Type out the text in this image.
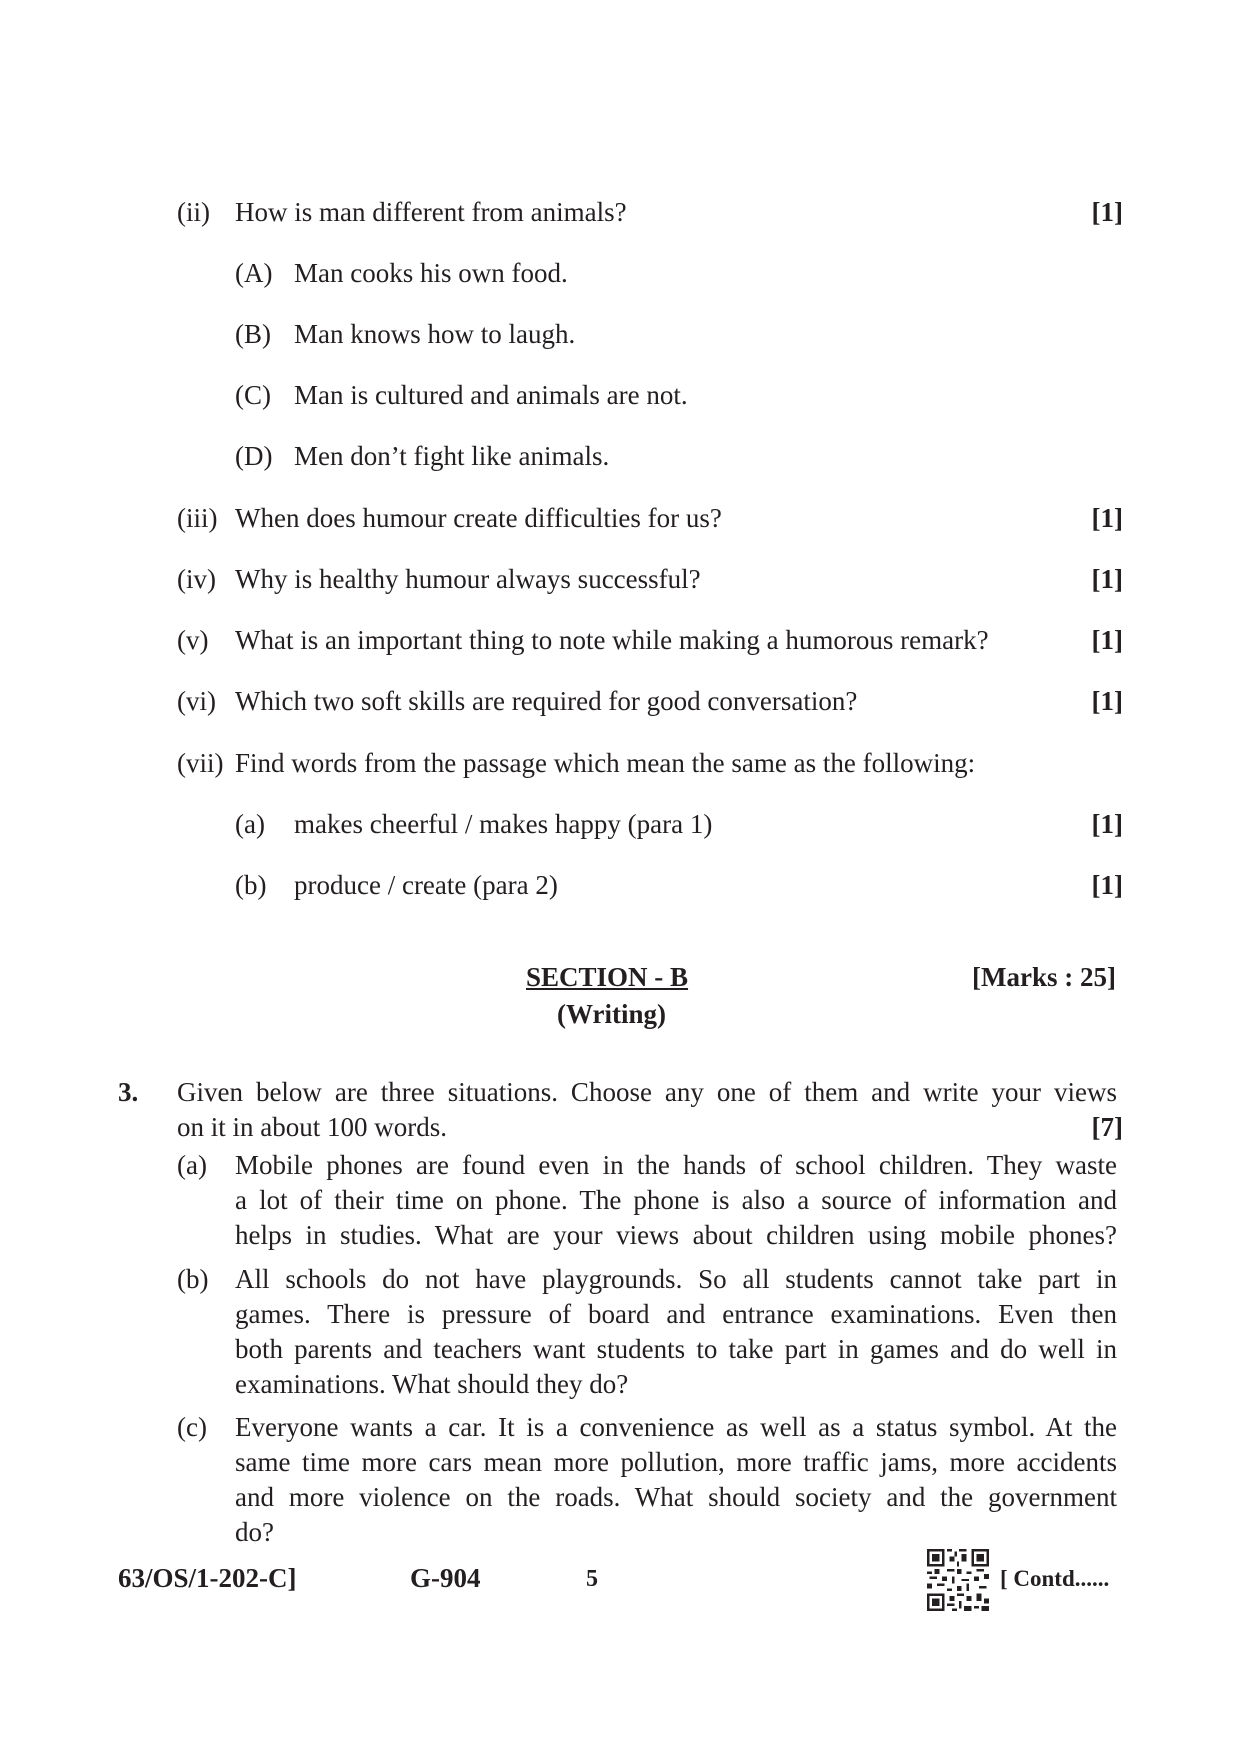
(ii) How is man different from animals?	[1]
(A) Man cooks his own food.
(B) Man knows how to laugh.
(C) Man is cultured and animals are not.
(D) Men don’t fight like animals.
(iii) When does humour create difficulties for us?	[1]
(iv) Why is healthy humour always successful?	[1]
(v) What is an important thing to note while making a humorous remark?	[1]
(vi) Which two soft skills are required for good conversation?	[1]
(vii) Find words from the passage which mean the same as the following:
(a) makes cheerful / makes happy (para 1)	[1]
(b) produce / create (para 2)	[1]
SECTION - B	[Marks : 25]
(Writing)
3. Given below are three situations. Choose any one of them and write your views
on it in about 100 words.	[7]
(a) Mobile phones are found even in the hands of school children. They waste
a lot of their time on phone. The phone is also a source of information and
helps in studies. What are your views about children using mobile phones?
(b) All schools do not have playgrounds. So all students cannot take part in
games. There is pressure of board and entrance examinations. Even then
both parents and teachers want students to take part in games and do well in
examinations. What should they do?
(c) Everyone wants a car. It is a convenience as well as a status symbol. At the
same time more cars mean more pollution, more traffic jams, more accidents
and more violence on the roads. What should society and the government
do?
63/OS/1-202-C]	G-904	5	[ Contd......
